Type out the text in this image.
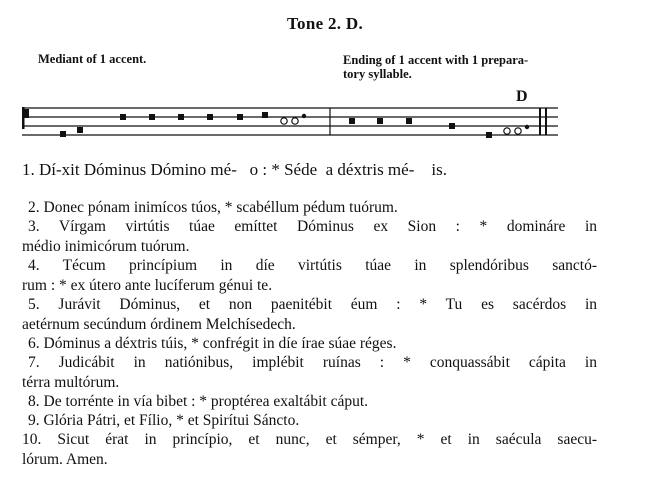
Tone 2. D.
Mediant of 1 accent.	Ending of 1 accent with 1 prepara-
tory syllable.
D
1. Dí-xit Dóminus Dómino mé-   o : * Séde  a déxtris mé-    is.
2. Donec pónam inimícos túos, * scabéllum pédum tuórum.
3. Vírgam virtútis túae emíttet Dóminus ex Sion : * domináre in
médio inimicórum tuórum.
4. Técum princípium in díe virtútis túae in splendóribus sanctó-
rum : * ex útero ante lucíferum génui te.
5. Jurávit Dóminus, et non paenitébit éum : * Tu es sacérdos in
aetérnum secúndum órdinem Melchísedech.
6. Dóminus a déxtris túis, * confrégit in díe írae súae réges.
7. Judicábit in natiónibus, implébit ruínas : * conquassábit cápita in
térra multórum.
8. De torrénte in vía bibet : * proptérea exaltábit cáput.
9. Glória Pátri, et Fílio, * et Spirítui Sáncto.
10. Sicut érat in princípio, et nunc, et sémper, * et in saécula saecu-
lórum. Amen.
